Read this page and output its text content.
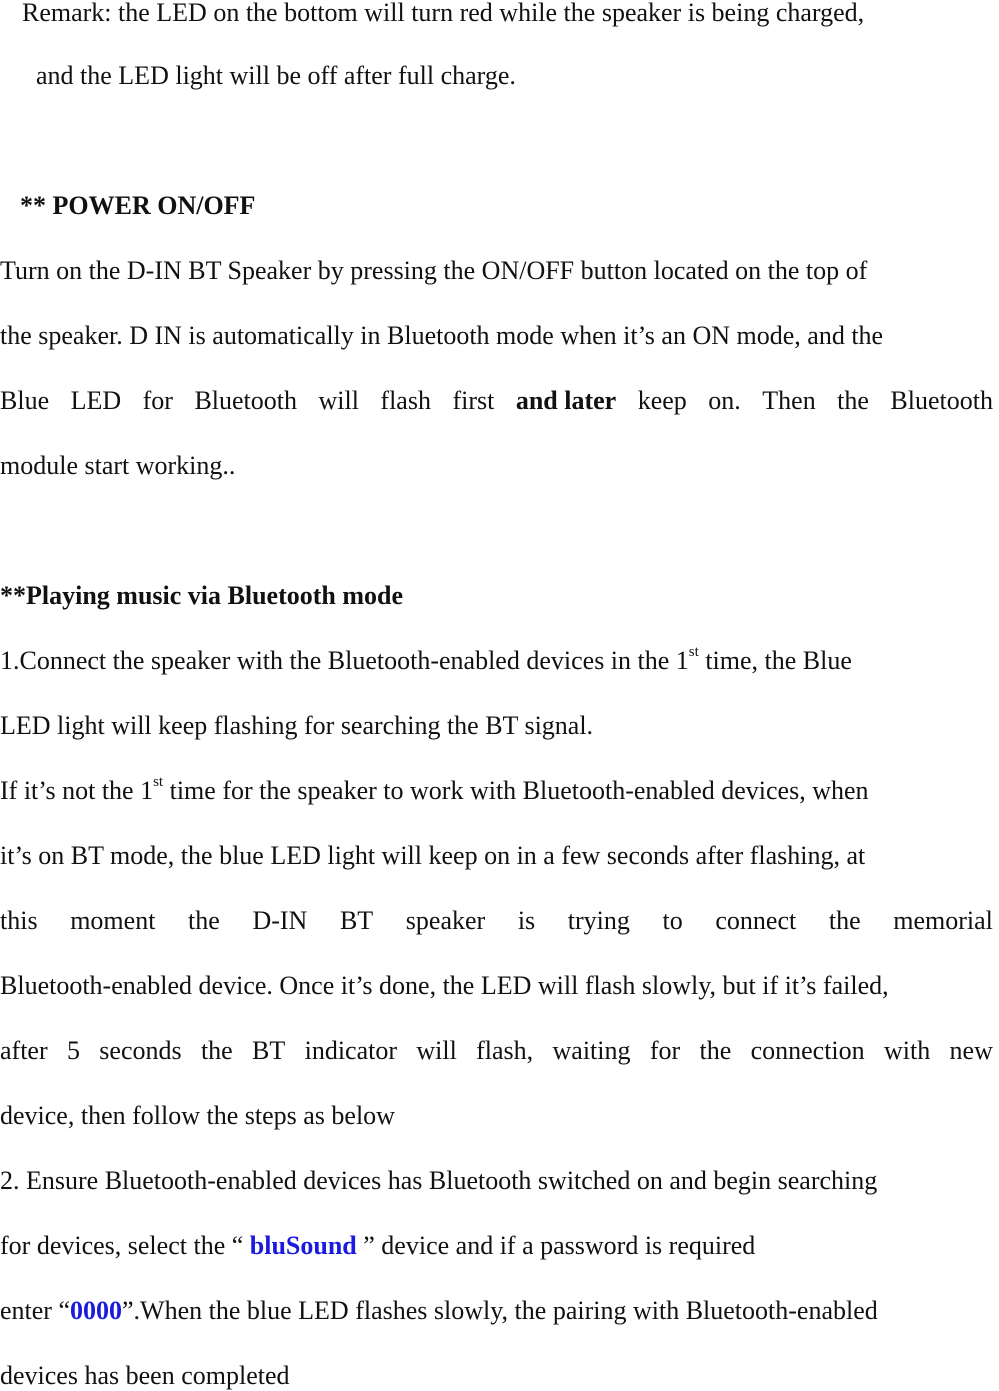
Remark: the LED on the bottom will turn red while the speaker is being charged,
and the LED light will be off after full charge.
** POWER ON/OFF
Turn on the D-IN BT Speaker by pressing the ON/OFF button located on the top of
the speaker. D IN is automatically in Bluetooth mode when it’s an ON mode, and the
Blue LED for Bluetooth will flash first and later keep on. Then the Bluetooth
module start working..
**Playing music via Bluetooth mode
1.Connect the speaker with the Bluetooth-enabled devices in the 1st time, the Blue
LED light will keep flashing for searching the BT signal.
If it’s not the 1st time for the speaker to work with Bluetooth-enabled devices, when
it’s on BT mode, the blue LED light will keep on in a few seconds after flashing, at
this moment the D-IN BT speaker is trying to connect the memorial
Bluetooth-enabled device. Once it’s done, the LED will flash slowly, but if it’s failed,
after 5 seconds the BT indicator will flash, waiting for the connection with new
device, then follow the steps as below
2. Ensure Bluetooth-enabled devices has Bluetooth switched on and begin searching
for devices, select the “ bluSound ” device and if a password is required
enter “0000”.When the blue LED flashes slowly, the pairing with Bluetooth-enabled
devices has been completed
